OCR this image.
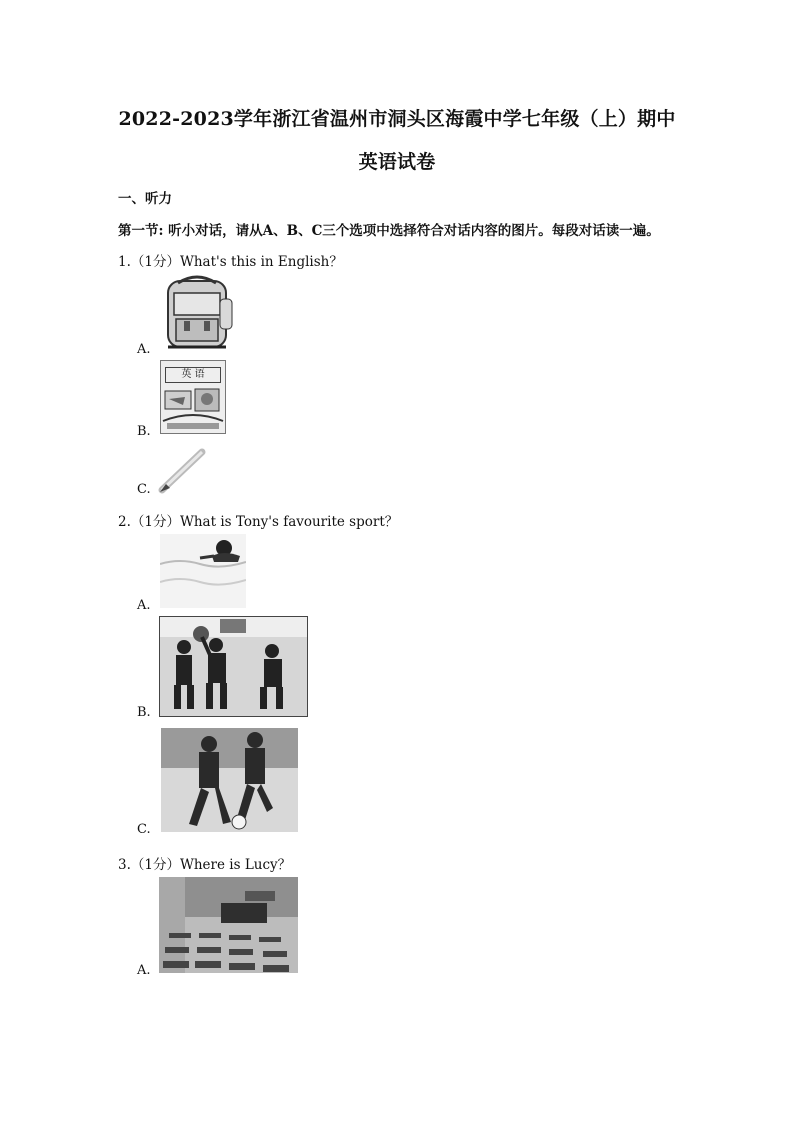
2022-2023学年浙江省温州市洞头区海霞中学七年级（上）期中
英语试卷
一、听力
第一节: 听小对话，请从A、B、C三个选项中选择符合对话内容的图片。每段对话读一遍。
1.（1分）What's this in English？
A.
英 语
B.
C.
2.（1分）What is Tony's favourite sport？
A.
B.
C.
3.（1分）Where is Lucy？
A.
